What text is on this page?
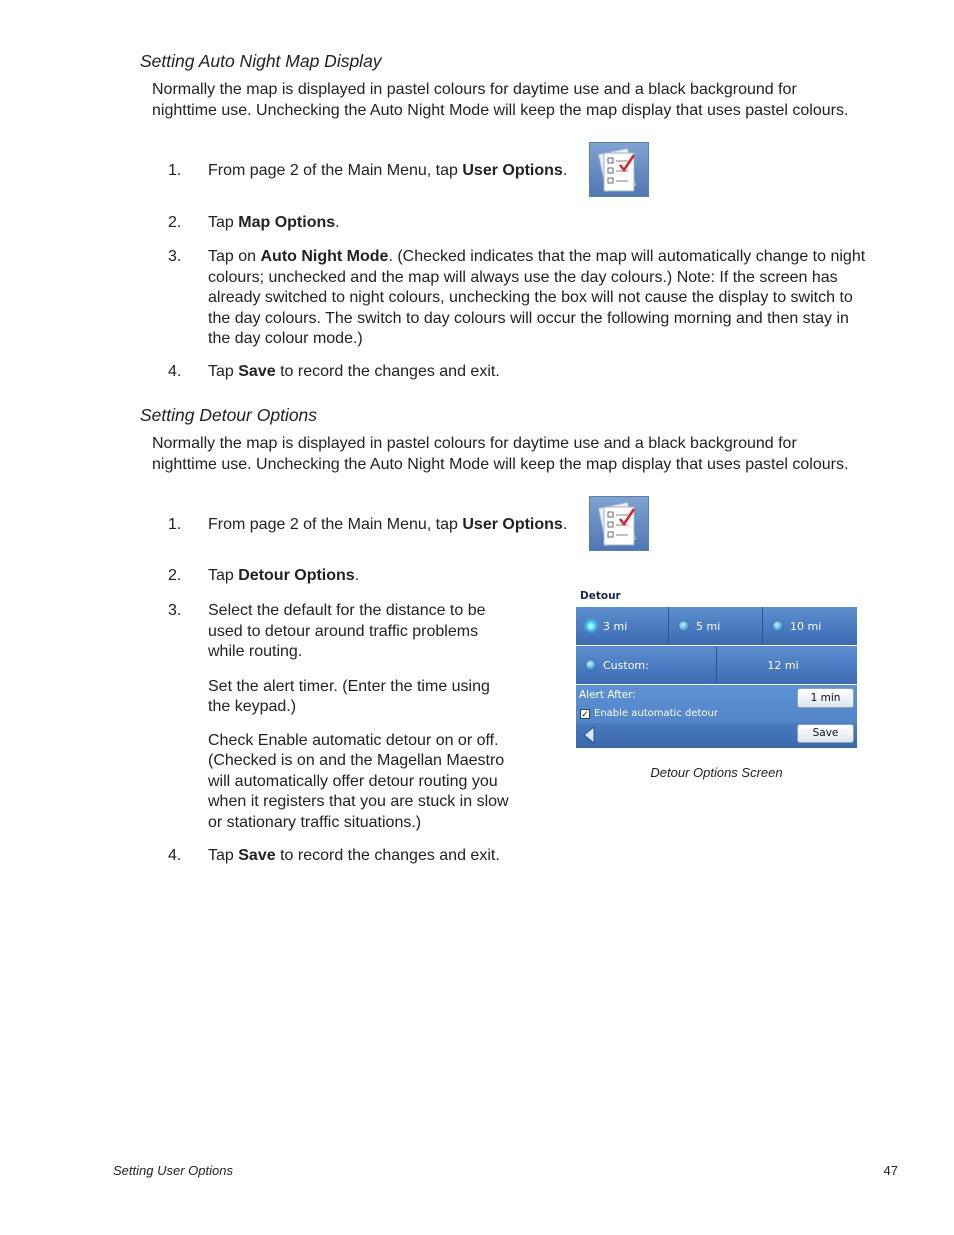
Setting Auto Night Map Display
Normally the map is displayed in pastel colours for daytime use and a black background for
nighttime use. Unchecking the Auto Night Mode will keep the map display that uses pastel colours.
1.	From page 2 of the Main Menu, tap User Options.
2.	Tap Map Options.
3.	Tap on Auto Night Mode. (Checked indicates that the map will automatically change to night
colours; unchecked and the map will always use the day colours.) Note: If the screen has
already switched to night colours, unchecking the box will not cause the display to switch to
the day colours. The switch to day colours will occur the following morning and then stay in
the day colour mode.)
4.	Tap Save to record the changes and exit.
Setting Detour Options
Normally the map is displayed in pastel colours for daytime use and a black background for
nighttime use. Unchecking the Auto Night Mode will keep the map display that uses pastel colours.
1.	From page 2 of the Main Menu, tap User Options.
2.	Tap Detour Options.
3.	Select the default for the distance to be
used to detour around traffic problems
while routing.
Set the alert timer. (Enter the time using
the keypad.)
Check Enable automatic detour on or off.
(Checked is on and the Magellan Maestro
will automatically offer detour routing you
when it registers that you are stuck in slow
or stationary traffic situations.)
4.	Tap Save to record the changes and exit.
Detour
3 mi	5 mi	10 mi
Custom:	12 mi
Alert After:	1 min
✓ Enable automatic detour
Save
Detour Options Screen
Setting User Options	47
